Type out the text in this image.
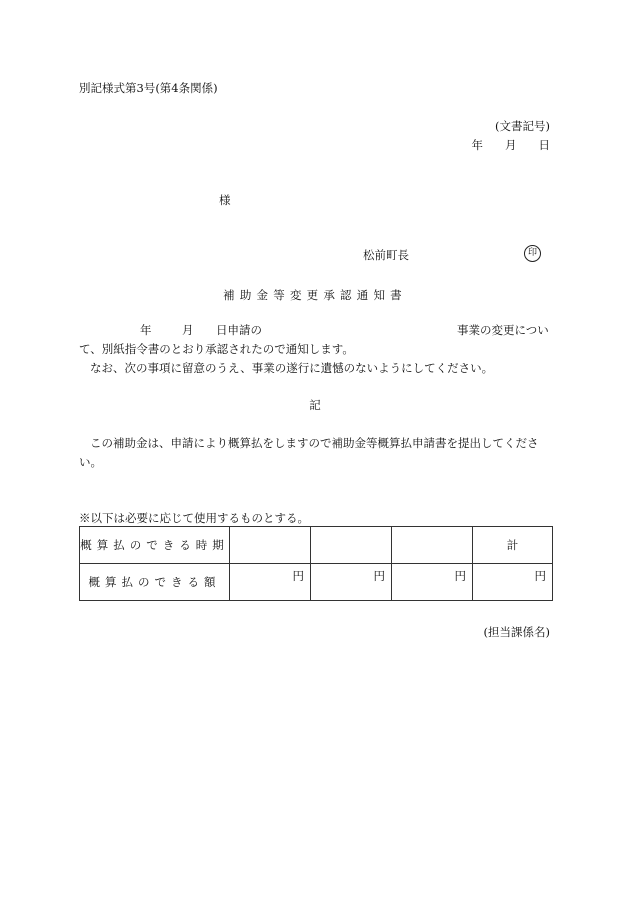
別記様式第3号(第4条関係)
(文書記号)
年 月 日
様
松前町長	印
補助金等変更承認通知書
年	月 日申請の	事業の変更につい
て、別紙指令書のとおり承認されたので通知します。
なお、次の事項に留意のうえ、事業の遂行に遺憾のないようにしてください。
記
この補助金は、申請により概算払をしますので補助金等概算払申請書を提出してください。
※以下は必要に応じて使用するものとする。
概算払のできる時期				計
概算払のできる額	円	円	円	円
(担当課係名)
